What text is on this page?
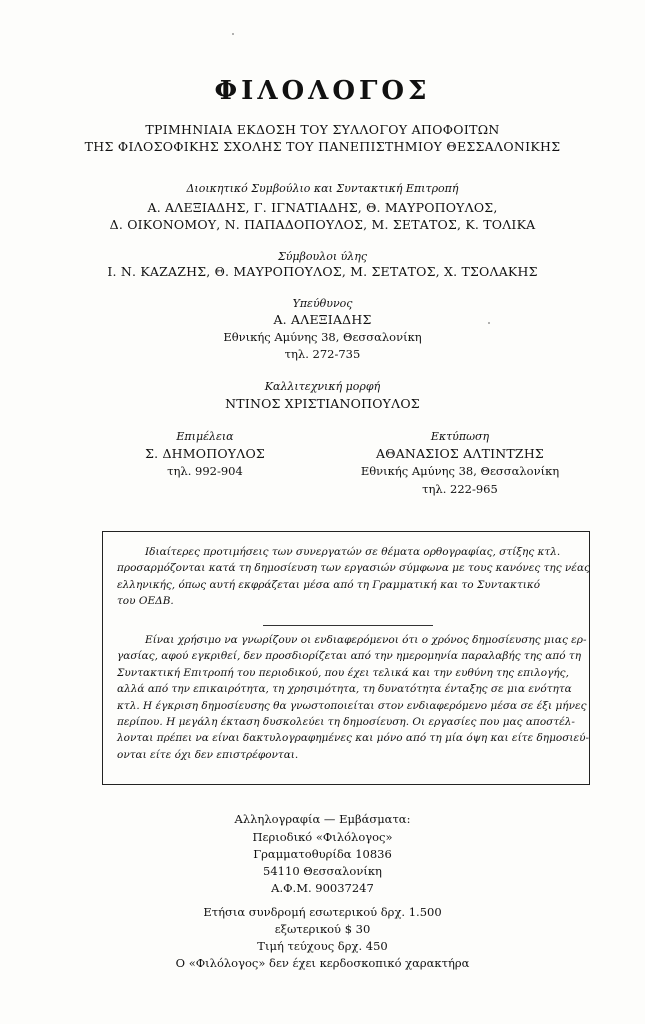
ΦΙΛΟΛΟΓΟΣ
ΤΡΙΜΗΝΙΑΙΑ ΕΚΔΟΣΗ ΤΟΥ ΣΥΛΛΟΓΟΥ ΑΠΟΦΟΙΤΩΝ
ΤΗΣ ΦΙΛΟΣΟΦΙΚΗΣ ΣΧΟΛΗΣ ΤΟΥ ΠΑΝΕΠΙΣΤΗΜΙΟΥ ΘΕΣΣΑΛΟΝΙΚΗΣ
Διοικητικό Συμβούλιο και Συντακτική Επιτροπή
Α. ΑΛΕΞΙΑΔΗΣ, Γ. ΙΓΝΑΤΙΑΔΗΣ, Θ. ΜΑΥΡΟΠΟΥΛΟΣ,
Δ. ΟΙΚΟΝΟΜΟΥ, Ν. ΠΑΠΑΔΟΠΟΥΛΟΣ, Μ. ΣΕΤΑΤΟΣ, Κ. ΤΟΛΙΚΑ
Σύμβουλοι ύλης
Ι. Ν. ΚΑΖΑΖΗΣ, Θ. ΜΑΥΡΟΠΟΥΛΟΣ, Μ. ΣΕΤΑΤΟΣ, Χ. ΤΣΟΛΑΚΗΣ
Υπεύθυνος
Α. ΑΛΕΞΙΑΔΗΣ
Εθνικής Αμύνης 38, Θεσσαλονίκη
τηλ. 272-735
Καλλιτεχνική μορφή
ΝΤΙΝΟΣ ΧΡΙΣΤΙΑΝΟΠΟΥΛΟΣ
Επιμέλεια
Σ. ΔΗΜΟΠΟΥΛΟΣ
τηλ. 992-904
Εκτύπωση
ΑΘΑΝΑΣΙΟΣ ΑΛΤΙΝΤΖΗΣ
Εθνικής Αμύνης 38, Θεσσαλονίκη
τηλ. 222-965
Ιδιαίτερες προτιμήσεις των συνεργατών σε θέματα ορθογραφίας, στίξης κτλ.
προσαρμόζονται κατά τη δημοσίευση των εργασιών σύμφωνα με τους κανόνες της νέας
ελληνικής, όπως αυτή εκφράζεται μέσα από τη Γραμματική και το Συντακτικό
του ΟΕΔΒ.
Είναι χρήσιμο να γνωρίζουν οι ενδιαφερόμενοι ότι ο χρόνος δημοσίευσης μιας ερ-
γασίας, αφού εγκριθεί, δεν προσδιορίζεται από την ημερομηνία παραλαβής της από τη
Συντακτική Επιτροπή του περιοδικού, που έχει τελικά και την ευθύνη της επιλογής,
αλλά από την επικαιρότητα, τη χρησιμότητα, τη δυνατότητα ένταξης σε μια ενότητα
κτλ. Η έγκριση δημοσίευσης θα γνωστοποιείται στον ενδιαφερόμενο μέσα σε έξι μήνες
περίπου. Η μεγάλη έκταση δυσκολεύει τη δημοσίευση. Οι εργασίες που μας αποστέλ-
λονται πρέπει να είναι δακτυλογραφημένες και μόνο από τη μία όψη και είτε δημοσιεύ-
ονται είτε όχι δεν επιστρέφονται.
Αλληλογραφία — Εμβάσματα:
Περιοδικό «Φιλόλογος»
Γραμματοθυρίδα 10836
54110 Θεσσαλονίκη
Α.Φ.Μ. 90037247
Ετήσια συνδρομή εσωτερικού δρχ. 1.500
εξωτερικού $ 30
Τιμή τεύχους δρχ. 450
Ο «Φιλόλογος» δεν έχει κερδοσκοπικό χαρακτήρα
